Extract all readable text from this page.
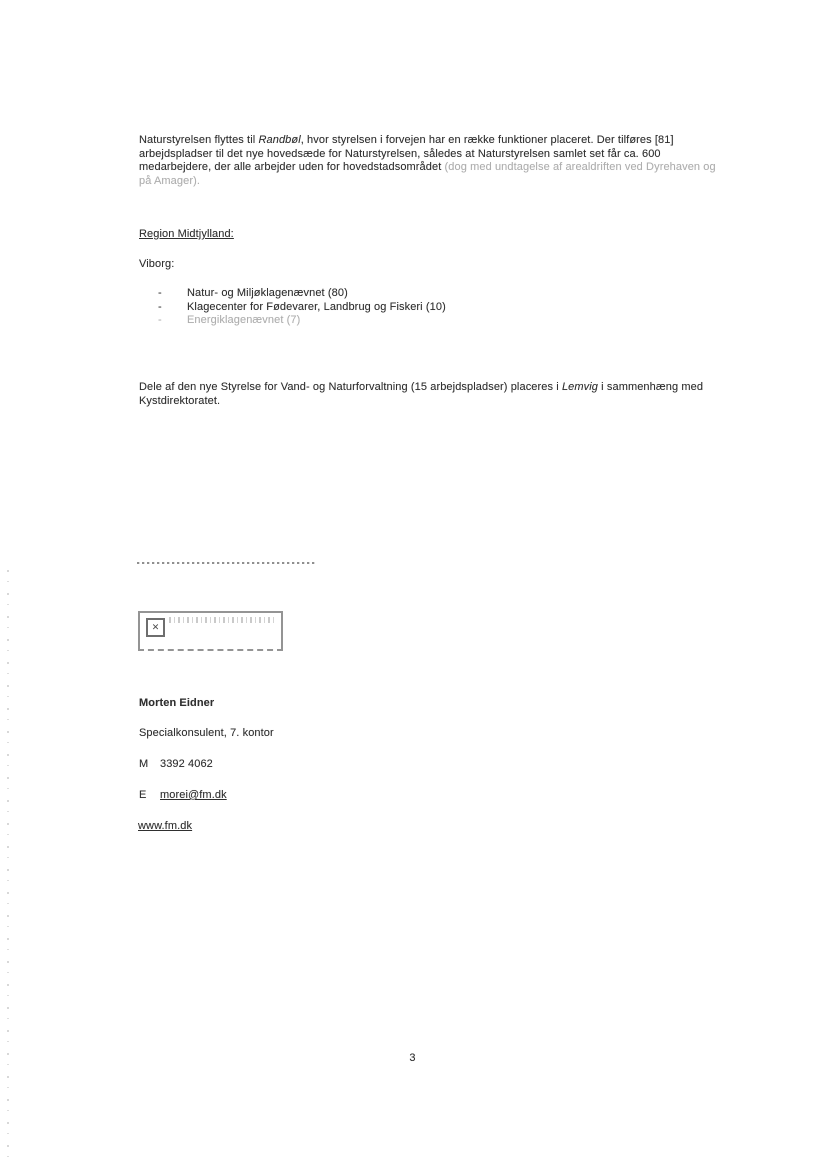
Naturstyrelsen flyttes til Randbøl, hvor styrelsen i forvejen har en række funktioner placeret. Der tilføres [81] arbejdspladser til det nye hovedsæde for Naturstyrelsen, således at Naturstyrelsen samlet set får ca. 600 medarbejdere, der alle arbejder uden for hovedstadsområdet (dog med undtagelse af arealdriften ved Dyrehaven og på Amager).

Region Midtjylland:
Viborg:
-	Natur- og Miljøklagenævnet (80)
-	Klagecenter for Fødevarer, Landbrug og Fiskeri (10)
-	Energiklagenævnet (7)

Dele af den nye Styrelse for Vand- og Naturforvaltning (15 arbejdspladser) placeres i Lemvig i sammenhæng med Kystdirektoratet.

✕
Morten Eidner
Specialkonsulent, 7. kontor
M 3392 4062
E morei@fm.dk
www.fm.dk
3
